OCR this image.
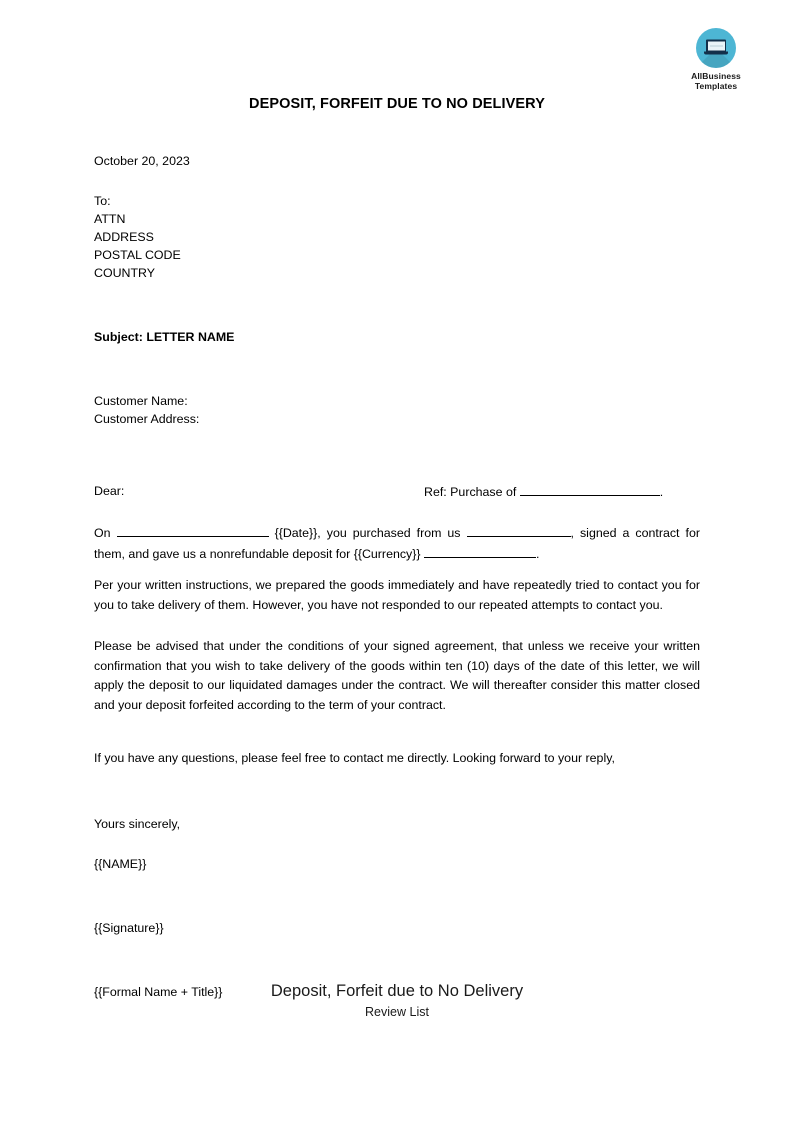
AllBusiness
Templates
DEPOSIT, FORFEIT DUE TO NO DELIVERY
October 20, 2023
To:
ATTN
ADDRESS
POSTAL CODE
COUNTRY
Subject: LETTER NAME
Customer Name:
Customer Address:
Dear:	Ref: Purchase of	.

On	{{Date}}, you purchased from us	, signed a contract for them, and gave us a nonrefundable deposit for {{Currency}}	.

Per your written instructions, we prepared the goods immediately and have repeatedly tried to contact you for you to take delivery of them. However, you have not responded to our repeated attempts to contact you.

Please be advised that under the conditions of your signed agreement, that unless we receive your written confirmation that you wish to take delivery of the goods within ten (10) days of the date of this letter, we will apply the deposit to our liquidated damages under the contract. We will thereafter consider this matter closed and your deposit forfeited according to the term of your contract.

If you have any questions, please feel free to contact me directly. Looking forward to your reply,

Yours sincerely,
{{NAME}}
{{Signature}}
{{Formal Name + Title}}	Deposit, Forfeit due to No Delivery
Review List
